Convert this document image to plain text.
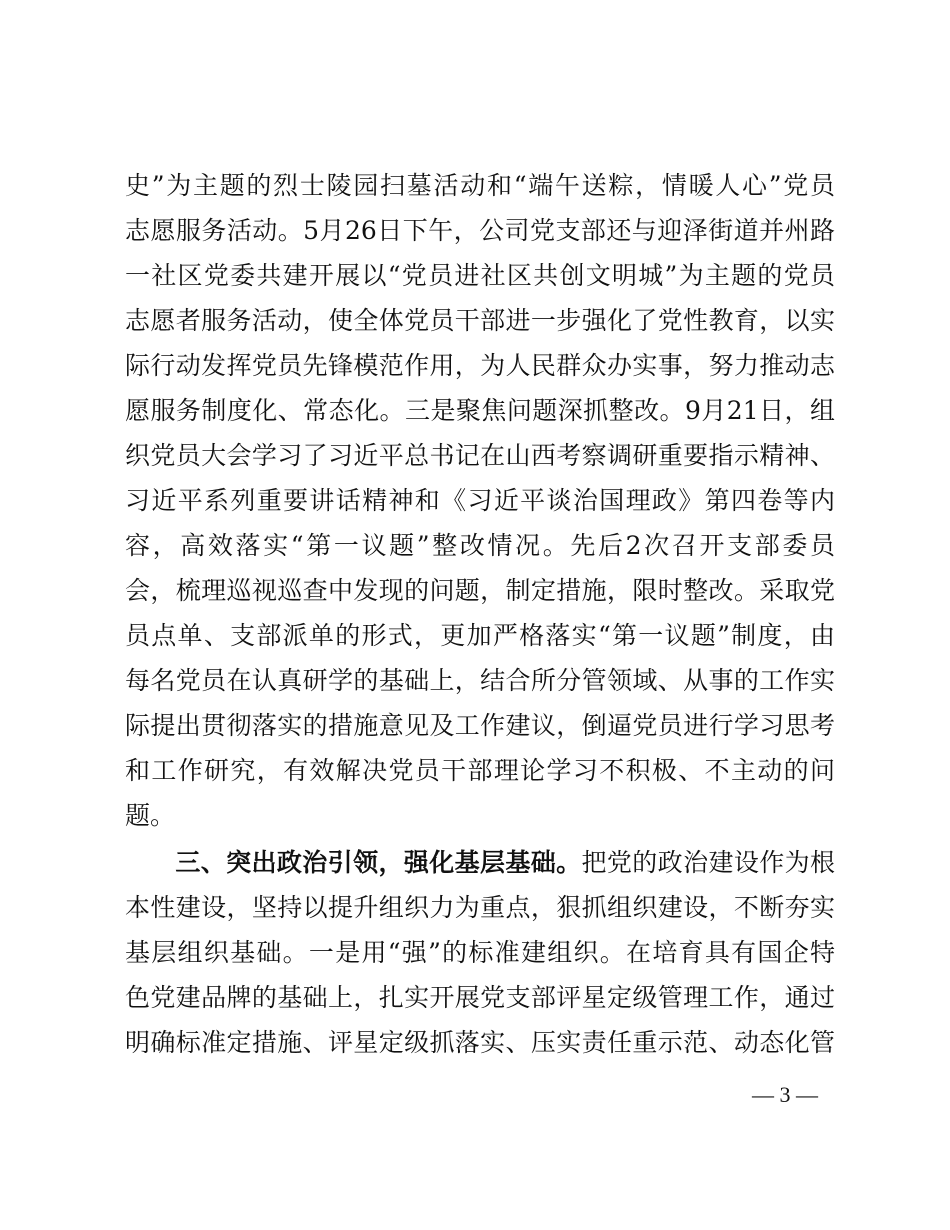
史”为主题的烈士陵园扫墓活动和“端午送粽，情暖人心”党员
志愿服务活动。5月26日下午，公司党支部还与迎泽街道并州路
一社区党委共建开展以“党员进社区共创文明城”为主题的党员
志愿者服务活动，使全体党员干部进一步强化了党性教育，以实
际行动发挥党员先锋模范作用，为人民群众办实事，努力推动志
愿服务制度化、常态化。三是聚焦问题深抓整改。9月21日，组
织党员大会学习了习近平总书记在山西考察调研重要指示精神、
习近平系列重要讲话精神和《习近平谈治国理政》第四卷等内
容，高效落实“第一议题”整改情况。先后2次召开支部委员
会，梳理巡视巡查中发现的问题，制定措施，限时整改。采取党
员点单、支部派单的形式，更加严格落实“第一议题”制度，由
每名党员在认真研学的基础上，结合所分管领域、从事的工作实
际提出贯彻落实的措施意见及工作建议，倒逼党员进行学习思考
和工作研究，有效解决党员干部理论学习不积极、不主动的问
题。
三、突出政治引领，强化基层基础。把党的政治建设作为根
本性建设，坚持以提升组织力为重点，狠抓组织建设，不断夯实
基层组织基础。一是用“强”的标准建组织。在培育具有国企特
色党建品牌的基础上，扎实开展党支部评星定级管理工作，通过
明确标准定措施、评星定级抓落实、压实责任重示范、动态化管
— 3 —
